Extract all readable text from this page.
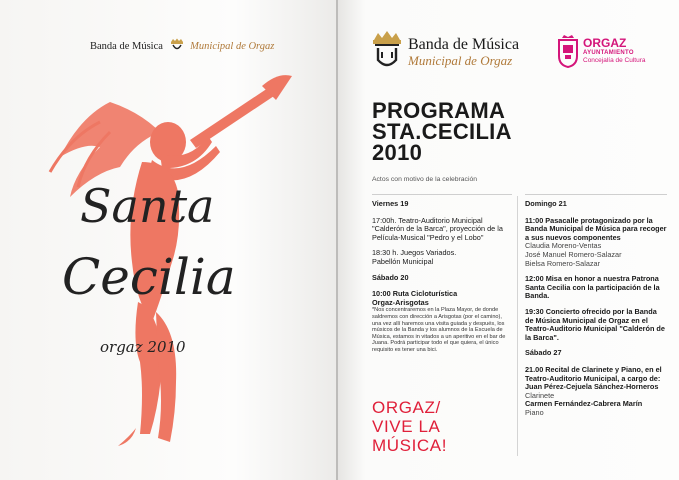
Banda de Música	Municipal de Orgaz
Santa
Cecilia
orgaz 2010
Banda de Música
Municipal de Orgaz
ORGAZ
AYUNTAMIENTO
Concejalía de Cultura
PROGRAMA
STA.CECILIA
2010
Actos con motivo de la celebración
Viernes 19
17:00h. Teatro-Auditorio Municipal "Calderón de la Barca", proyección de la Película-Musical "Pedro y el Lobo"
18:30 h. Juegos Variados.
Pabellón Municipal
Sábado 20
10:00 Ruta Cicloturística
Orgaz-Arisgotas
*Nos concentraremos en la Plaza Mayor, de donde saldremos con dirección a Arisgotas (por el camino), una vez allí haremos una visita guiada y después, los músicos de la Banda y los alumnos de la Escuela de Música, estamos in vitados a un aperitivo en el bar de Juana. Podrá participar todo el que quiera, el único requisito es tener una bici.
ORGAZ/
VIVE LA
MÚSICA!
Domingo 21
11:00 Pasacalle protagonizado por la Banda Municipal de Música para recoger a sus nuevos componentes
Claudia Moreno-Ventas
José Manuel Romero-Salazar
Bielsa Romero-Salazar
12:00 Misa en honor a nuestra Patrona Santa Cecilia con la participación de la Banda.
19:30 Concierto ofrecido por la Banda de Música Municipal de Orgaz en el Teatro-Auditorio Municipal "Calderón de la Barca".
Sábado 27
21.00 Recital de Clarinete y Piano, en el Teatro-Auditorio Municipal, a cargo de:
Juan Pérez-Cejuela Sánchez-Horneros
Clarinete
Carmen Fernández-Cabrera Marín
Piano
